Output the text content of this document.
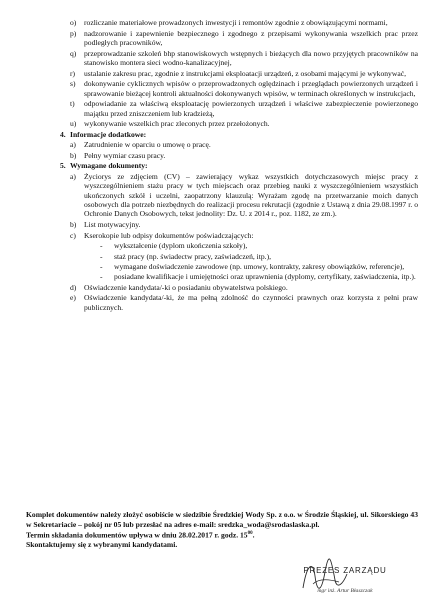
o)	rozliczanie materiałowe prowadzonych inwestycji i remontów zgodnie z obowiązującymi normami,
p)	nadzorowanie i zapewnienie bezpiecznego i zgodnego z przepisami wykonywania wszelkich prac przez podległych pracowników,
q)	przeprowadzanie szkoleń bhp stanowiskowych wstępnych i bieżących dla nowo przyjętych pracowników na stanowisko montera sieci wodno-kanalizacyjnej,
r)	ustalanie zakresu prac, zgodnie z instrukcjami eksploatacji urządzeń, z osobami mającymi je wykonywać,
s)	dokonywanie cyklicznych wpisów o przeprowadzonych oględzinach i przeglądach powierzonych urządzeń i sprawowanie bieżącej kontroli aktualności dokonywanych wpisów, w terminach określonych w instrukcjach,
t)	odpowiadanie za właściwą eksploatację powierzonych urządzeń i właściwe zabezpieczenie powierzonego majątku przed zniszczeniem lub kradzieżą,
u)	wykonywanie wszelkich prac zleconych przez przełożonych.
4. Informacje dodatkowe:
a)	Zatrudnienie w oparciu o umowę o pracę.
b)	Pełny wymiar czasu pracy.
5. Wymagane dokumenty:
a)	Życiorys ze zdjęciem (CV) – zawierający wykaz wszystkich dotychczasowych miejsc pracy z wyszczególnieniem stażu pracy w tych miejscach oraz przebieg nauki z wyszczególnieniem wszystkich ukończonych szkół i uczelni, zaopatrzony klauzulą: Wyrażam zgodę na przetwarzanie moich danych osobowych dla potrzeb niezbędnych do realizacji procesu rekrutacji (zgodnie z Ustawą z dnia 29.08.1997 r. o Ochronie Danych Osobowych, tekst jednolity: Dz. U. z 2014 r., poz. 1182, ze zm.).
b)	List motywacyjny.
c)	Kserokopie lub odpisy dokumentów poświadczających:
-	wykształcenie (dyplom ukończenia szkoły),
-	staż pracy (np. świadectw pracy, zaświadczeń, itp.),
-	wymagane doświadczenie zawodowe (np. umowy, kontrakty, zakresy obowiązków, referencje),
-	posiadane kwalifikacje i umiejętności oraz uprawnienia (dyplomy, certyfikaty, zaświadczenia, itp.).
d)	Oświadczenie kandydata/-ki o posiadaniu obywatelstwa polskiego.
e)	Oświadczenie kandydata/-ki, że ma pełną zdolność do czynności prawnych oraz korzysta z pełni praw publicznych.
Komplet dokumentów należy złożyć osobiście w siedzibie Średzkiej Wody Sp. z o.o. w Środzie Śląskiej, ul. Sikorskiego 43 w Sekretariacie – pokój nr 05 lub przesłać na adres e-mail: sredzka_woda@srodaslaska.pl.
Termin składania dokumentów upływa w dniu 28.02.2017 r. godz. $15^{00}$.
Skontaktujemy się z wybranymi kandydatami.
PREZES ZARZĄDU
mgr inż. Artur Błaszczak
